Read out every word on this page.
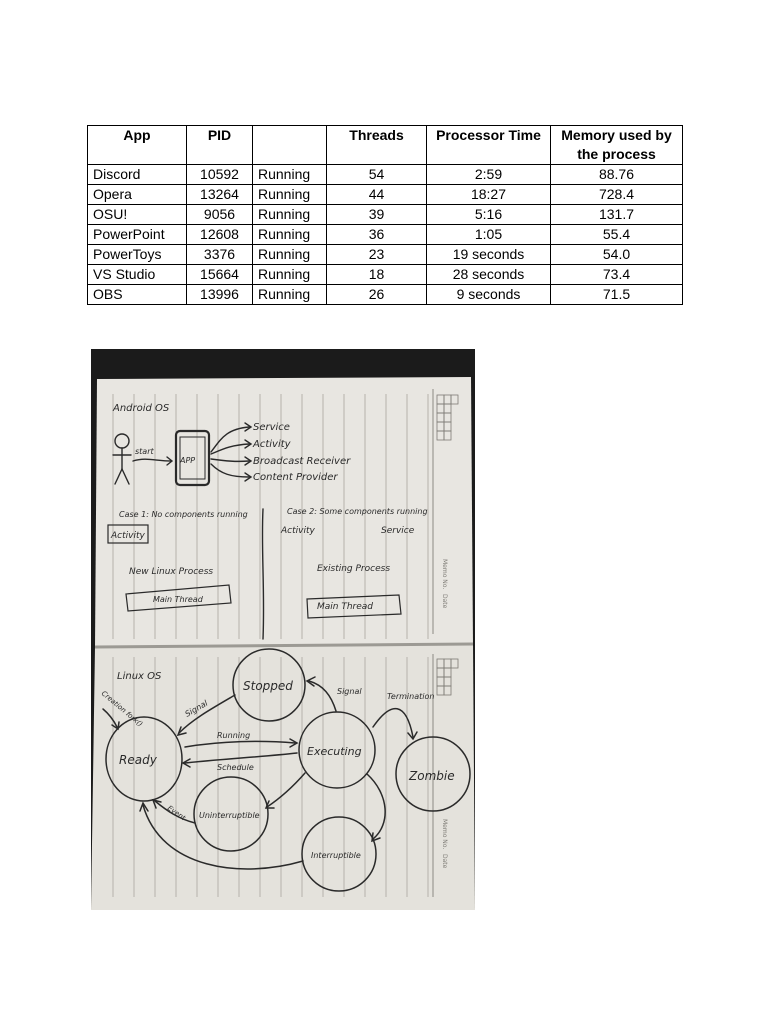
App	PID		Threads	Processor Time	Memory used by the process
Discord	10592	Running	54	2:59	88.76
Opera	13264	Running	44	18:27	728.4
OSU!	9056	Running	39	5:16	131.7
PowerPoint	12608	Running	36	1:05	55.4
PowerToys	3376	Running	23	19 seconds	54.0
VS Studio	15664	Running	18	28 seconds	73.4
OBS	13996	Running	26	9 seconds	71.5
Memo No.
Date
Memo No.
Date
Android OS
start
APP
Service
Activity
Broadcast Receiver
Content Provider
Case 1: No components running
Activity
New Linux Process
Main Thread
Case 2: Some components running
Activity	Service
Existing Process
Main Thread
Linux OS
Creation fork()
Stopped
Ready
Executing
Zombie
Uninterruptible
Interruptible
Signal
Signal
Termination
Running
Schedule
Event
